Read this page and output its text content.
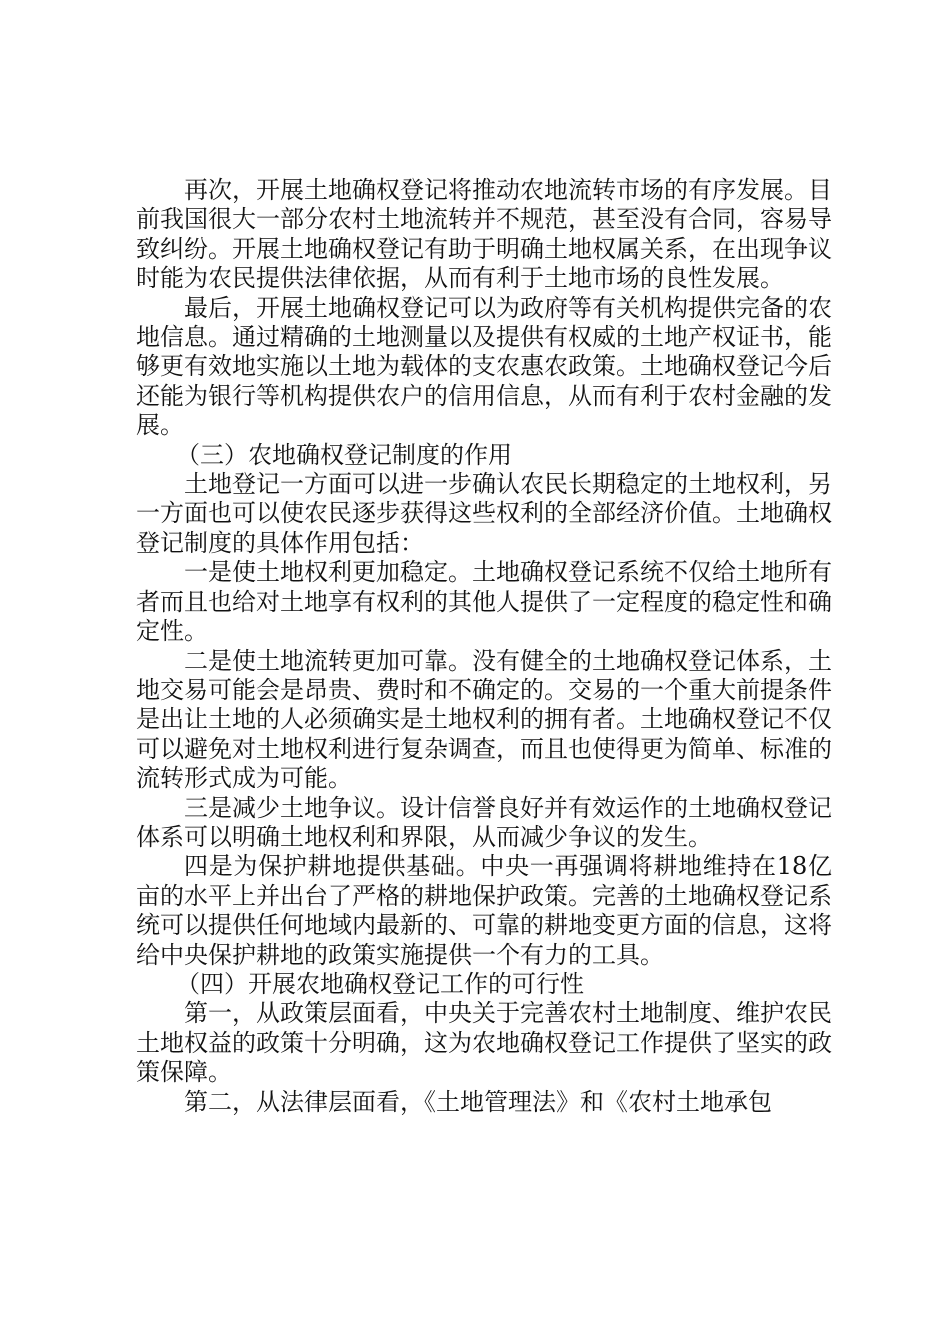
再次，开展土地确权登记将推动农地流转市场的有序发展。目前我国很大一部分农村土地流转并不规范，甚至没有合同，容易导致纠纷。开展土地确权登记有助于明确土地权属关系，在出现争议时能为农民提供法律依据，从而有利于土地市场的良性发展。

最后，开展土地确权登记可以为政府等有关机构提供完备的农地信息。通过精确的土地测量以及提供有权威的土地产权证书，能够更有效地实施以土地为载体的支农惠农政策。土地确权登记今后还能为银行等机构提供农户的信用信息，从而有利于农村金融的发展。

（三）农地确权登记制度的作用

土地登记一方面可以进一步确认农民长期稳定的土地权利，另一方面也可以使农民逐步获得这些权利的全部经济价值。土地确权登记制度的具体作用包括：

一是使土地权利更加稳定。土地确权登记系统不仅给土地所有者而且也给对土地享有权利的其他人提供了一定程度的稳定性和确定性。

二是使土地流转更加可靠。没有健全的土地确权登记体系，土地交易可能会是昂贵、费时和不确定的。交易的一个重大前提条件是出让土地的人必须确实是土地权利的拥有者。土地确权登记不仅可以避免对土地权利进行复杂调查，而且也使得更为简单、标准的流转形式成为可能。

三是减少土地争议。设计信誉良好并有效运作的土地确权登记体系可以明确土地权利和界限，从而减少争议的发生。

四是为保护耕地提供基础。中央一再强调将耕地维持在18亿亩的水平上并出台了严格的耕地保护政策。完善的土地确权登记系统可以提供任何地域内最新的、可靠的耕地变更方面的信息，这将给中央保护耕地的政策实施提供一个有力的工具。

（四）开展农地确权登记工作的可行性

第一，从政策层面看，中央关于完善农村土地制度、维护农民土地权益的政策十分明确，这为农地确权登记工作提供了坚实的政策保障。

第二，从法律层面看，《土地管理法》和《农村土地承包
